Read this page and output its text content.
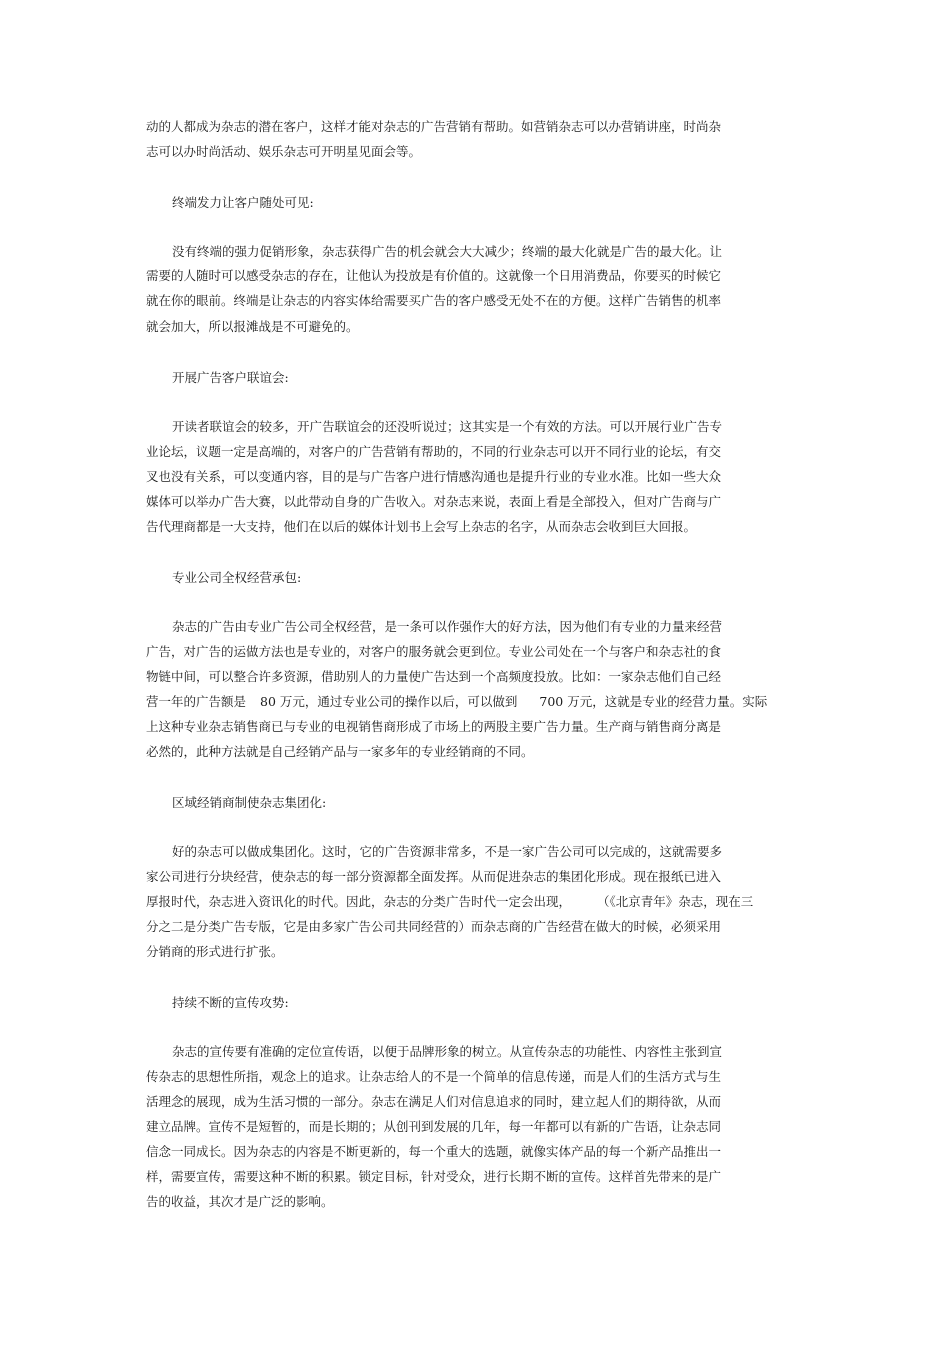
动的人都成为杂志的潜在客户，这样才能对杂志的广告营销有帮助。如营销杂志可以办营销讲座，时尚杂
志可以办时尚活动、娱乐杂志可开明星见面会等。
终端发力让客户随处可见:
没有终端的强力促销形象，杂志获得广告的机会就会大大减少；终端的最大化就是广告的最大化。让
需要的人随时可以感受杂志的存在，让他认为投放是有价值的。这就像一个日用消费品，你要买的时候它
就在你的眼前。终端是让杂志的内容实体给需要买广告的客户感受无处不在的方便。这样广告销售的机率
就会加大，所以报滩战是不可避免的。
开展广告客户联谊会:
开读者联谊会的较多，开广告联谊会的还没听说过；这其实是一个有效的方法。可以开展行业广告专
业论坛，议题一定是高端的，对客户的广告营销有帮助的，不同的行业杂志可以开不同行业的论坛，有交
叉也没有关系，可以变通内容，目的是与广告客户进行情感沟通也是提升行业的专业水准。比如一些大众
媒体可以举办广告大赛，以此带动自身的广告收入。对杂志来说，表面上看是全部投入，但对广告商与广
告代理商都是一大支持，他们在以后的媒体计划书上会写上杂志的名字，从而杂志会收到巨大回报。
专业公司全权经营承包:
杂志的广告由专业广告公司全权经营，是一条可以作强作大的好方法，因为他们有专业的力量来经营
广告，对广告的运做方法也是专业的，对客户的服务就会更到位。专业公司处在一个与客户和杂志社的食
物链中间，可以整合许多资源，借助别人的力量使广告达到一个高频度投放。比如：一家杂志他们自己经
营一年的广告额是 80 万元，通过专业公司的操作以后，可以做到 700 万元，这就是专业的经营力量。实际
上这种专业杂志销售商已与专业的电视销售商形成了市场上的两股主要广告力量。生产商与销售商分离是
必然的，此种方法就是自己经销产品与一家多年的专业经销商的不同。
区域经销商制使杂志集团化:
好的杂志可以做成集团化。这时，它的广告资源非常多，不是一家广告公司可以完成的，这就需要多
家公司进行分块经营，使杂志的每一部分资源都全面发挥。从而促进杂志的集团化形成。现在报纸已进入
厚报时代，杂志进入资讯化的时代。因此，杂志的分类广告时代一定会出现， （《北京青年》杂志，现在三
分之二是分类广告专版，它是由多家广告公司共同经营的）而杂志商的广告经营在做大的时候，必须采用
分销商的形式进行扩张。
持续不断的宣传攻势:
杂志的宣传要有准确的定位宣传语，以便于品牌形象的树立。从宣传杂志的功能性、内容性主张到宣
传杂志的思想性所指，观念上的追求。让杂志给人的不是一个简单的信息传递，而是人们的生活方式与生
活理念的展现，成为生活习惯的一部分。杂志在满足人们对信息追求的同时，建立起人们的期待欲，从而
建立品牌。宣传不是短暂的，而是长期的；从创刊到发展的几年，每一年都可以有新的广告语，让杂志同
信念一同成长。因为杂志的内容是不断更新的，每一个重大的选题，就像实体产品的每一个新产品推出一
样，需要宣传，需要这种不断的积累。锁定目标，针对受众，进行长期不断的宣传。这样首先带来的是广
告的收益，其次才是广泛的影响。
